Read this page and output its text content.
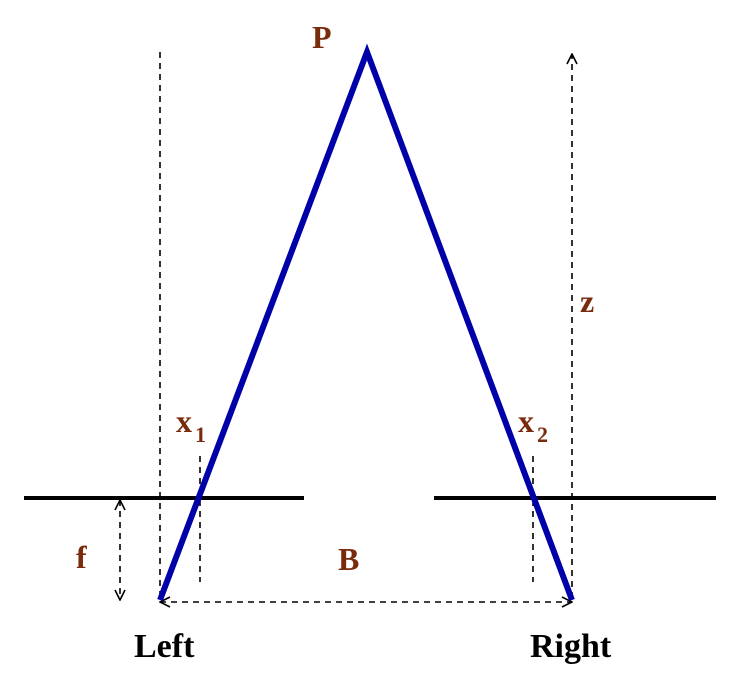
P
z
x 1	x 2
f	B
Left	Right
